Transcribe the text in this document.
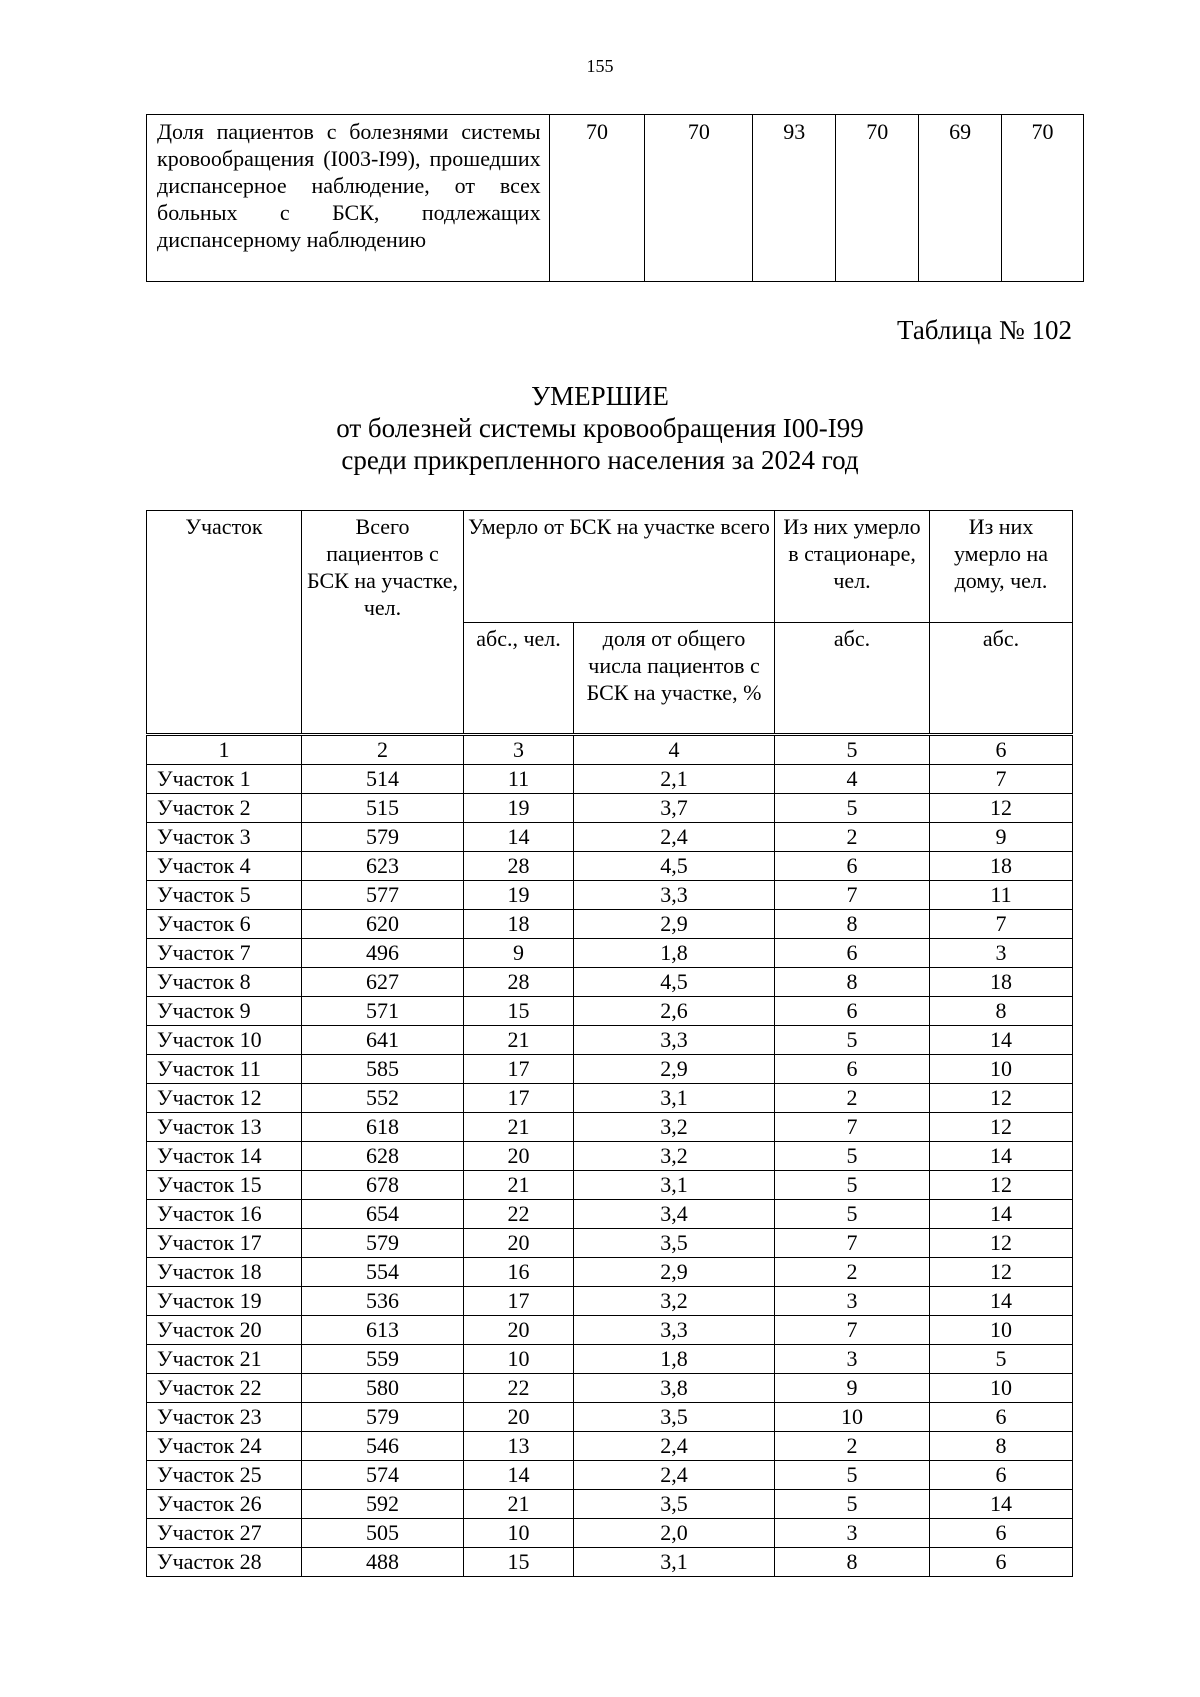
155
Доля пациентов с болезнями системы кровообращения (I003-I99), прошедших диспансерное наблюдение, от всех больных с БСК, подлежащих диспансерному наблюдению	70	70	93	70	69	70
Таблица № 102
УМЕРШИЕ
от болезней системы кровообращения I00-I99
среди прикрепленного населения за 2024 год
Участок	Всего пациентов с БСК на участке, чел.	Умерло от БСК на участке всего		Из них умерло в стационаре, чел.	Из них умерло на дому, чел.
		абс., чел.	доля от общего числа пациентов с БСК на участке, %	абс.	абс.
1	2	3	4	5	6
Участок 1	514	11	2,1	4	7
Участок 2	515	19	3,7	5	12
Участок 3	579	14	2,4	2	9
Участок 4	623	28	4,5	6	18
Участок 5	577	19	3,3	7	11
Участок 6	620	18	2,9	8	7
Участок 7	496	9	1,8	6	3
Участок 8	627	28	4,5	8	18
Участок 9	571	15	2,6	6	8
Участок 10	641	21	3,3	5	14
Участок 11	585	17	2,9	6	10
Участок 12	552	17	3,1	2	12
Участок 13	618	21	3,2	7	12
Участок 14	628	20	3,2	5	14
Участок 15	678	21	3,1	5	12
Участок 16	654	22	3,4	5	14
Участок 17	579	20	3,5	7	12
Участок 18	554	16	2,9	2	12
Участок 19	536	17	3,2	3	14
Участок 20	613	20	3,3	7	10
Участок 21	559	10	1,8	3	5
Участок 22	580	22	3,8	9	10
Участок 23	579	20	3,5	10	6
Участок 24	546	13	2,4	2	8
Участок 25	574	14	2,4	5	6
Участок 26	592	21	3,5	5	14
Участок 27	505	10	2,0	3	6
Участок 28	488	15	3,1	8	6
